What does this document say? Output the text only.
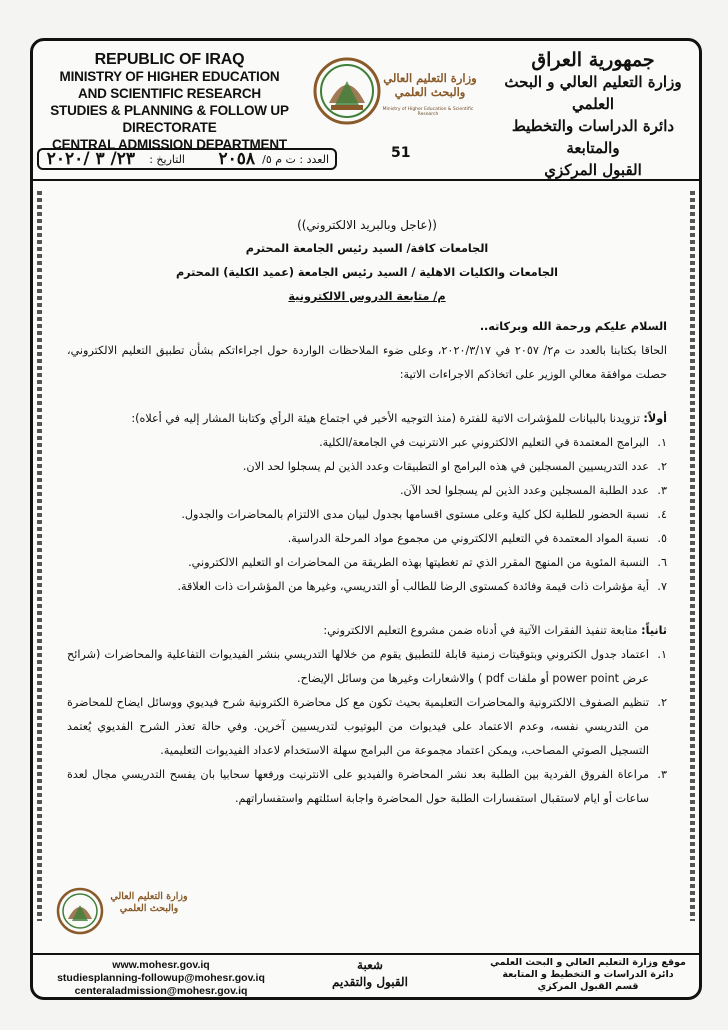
REPUBLIC OF IRAQ
MINISTRY OF HIGHER EDUCATION
AND SCIENTIFIC RESEARCH
STUDIES & PLANNING & FOLLOW UP DIRECTORATE
CENTRAL ADMISSION DEPARTMENT
وزارة التعليم العالي
والبحث العلمي
Ministry of Higher Education & Scientific Research
جمهورية العراق
وزارة التعليم العالي و البحث العلمي
دائرة الدراسات والتخطيط والمتابعة
القبول المركزي
51
العدد : ت م ٥/
٢٠٥٨
التاريخ :
٢٣/ ٣ /٢٠٢٠

((عاجل وبالبريد الالكتروني))

الجامعات كافة/ السيد رئيس الجامعة المحترم

الجامعات والكليات الاهلية / السيد رئيس الجامعة (عميد الكلية) المحترم

م/ متابعة الدروس الالكترونية

السلام عليكم ورحمة الله وبركاته..

الحاقا بكتابنا بالعدد ت م٢/ ٢٠٥٧ في ٢٠٢٠/٣/١٧، وعلى ضوء الملاحظات الواردة حول اجراءاتكم بشأن تطبيق التعليم الالكتروني، حصلت موافقة معالي الوزير على اتخاذكم الاجراءات الاتية:

أولاً: تزويدنا بالبيانات للمؤشرات الاتية للفترة (منذ التوجيه الأخير في اجتماع هيئة الرأي وكتابنا المشار إليه في أعلاه):

١.
البرامج المعتمدة في التعليم الالكتروني عبر الانترنيت في الجامعة/الكلية.
٢.
عدد التدريسيين المسجلين في هذه البرامج او التطبيقات وعدد الذين لم يسجلوا لحد الان.
٣.
عدد الطلبة المسجلين وعدد الذين لم يسجلوا لحد الآن.
٤.
نسبة الحضور للطلبة لكل كلية وعلى مستوى اقسامها بجدول لبيان مدى الالتزام بالمحاضرات والجدول.
٥.
نسبة المواد المعتمدة في التعليم الالكتروني من مجموع مواد المرحلة الدراسية.
٦.
النسبة المئوية من المنهج المقرر الذي تم تغطيتها بهذه الطريقة من المحاضرات او التعليم الالكتروني.
٧.
أية مؤشرات ذات قيمة وفائدة كمستوى الرضا للطالب أو التدريسي، وغيرها من المؤشرات ذات العلاقة.

ثانياً: متابعة تنفيذ الفقرات الآتية في أدناه ضمن مشروع التعليم الالكتروني:

١.
اعتماد جدول الكتروني وبتوقيتات زمنية قابلة للتطبيق يقوم من خلالها التدريسي بنشر الفيديوات التفاعلية والمحاضرات (شرائح عرض power point أو ملفات pdf ) والاشعارات وغيرها من وسائل الإيضاح.
٢.
تنظيم الصفوف الالكترونية والمحاضرات التعليمية بحيث تكون مع كل محاضرة الكترونية شرح فيديوي ووسائل ايضاح للمحاضرة من التدريسي نفسه، وعدم الاعتماد على فيديوات من اليوتيوب لتدريسيين آخرين. وفي حالة تعذر الشرح الفديوي يُعتمد التسجيل الصوتي المصاحب، ويمكن اعتماد مجموعة من البرامج سهلة الاستخدام لاعداد الفيديوات التعليمية.
٣.
مراعاة الفروق الفردية بين الطلبة بعد نشر المحاضرة والفيديو على الانترنيت ورفعها سحابيا بان يفسح التدريسي مجال لعدة ساعات أو ايام لاستقبال استفسارات الطلبة حول المحاضرة واجابة اسئلتهم واستفساراتهم.
وزارة التعليم العالي
والبحث العلمي
www.mohesr.gov.iq
studiesplanning-followup@mohesr.gov.iq
centeraladmission@mohesr.gov.iq
شعبة
القبول والتقديم
موقع وزارة التعليم العالي و البحث العلمي
دائرة الدراسات و التخطيط و المتابعة
قسم القبول المركزي
